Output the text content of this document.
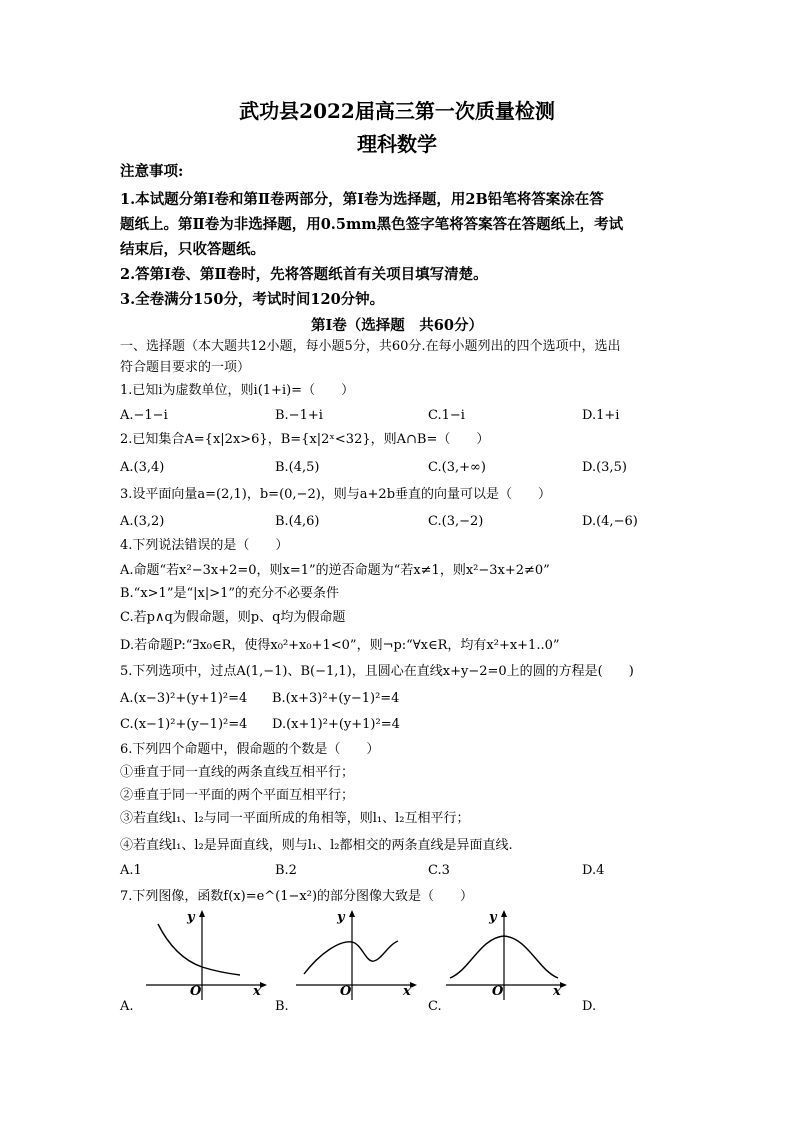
武功县2022届高三第一次质量检测
理科数学
注意事项:
1.本试题分第Ⅰ卷和第Ⅱ卷两部分，第Ⅰ卷为选择题，用2B铅笔将答案涂在答
题纸上。第Ⅱ卷为非选择题，用0.5mm黑色签字笔将答案答在答题纸上，考试
结束后，只收答题纸。
2.答第Ⅰ卷、第Ⅱ卷时，先将答题纸首有关项目填写清楚。
3.全卷满分150分，考试时间120分钟。
第Ⅰ卷（选择题　共60分）
一、选择题（本大题共12小题，每小题5分，共60分.在每小题列出的四个选项中，选出
符合题目要求的一项）
1.已知i为虚数单位，则i(1+i)=（　　）
A.−1−i	B.−1+i	C.1−i	D.1+i
2.已知集合A={x|2x>6}，B={x|2ˣ<32}，则A∩B=（　　）
A.(3,4)	B.(4,5)	C.(3,+∞)	D.(3,5)
3.设平面向量a=(2,1)，b=(0,−2)，则与a+2b垂直的向量可以是（　　）
A.(3,2)	B.(4,6)	C.(3,−2)	D.(4,−6)
4.下列说法错误的是（　　）
A.命题“若x²−3x+2=0，则x=1”的逆否命题为“若x≠1，则x²−3x+2≠0”
B.“x>1”是“|x|>1”的充分不必要条件
C.若p∧q为假命题，则p、q均为假命题
D.若命题P:“∃x₀∈R，使得x₀²+x₀+1<0”，则¬p:“∀x∈R，均有x²+x+1..0”
5.下列选项中，过点A(1,−1)、B(−1,1)，且圆心在直线x+y−2=0上的圆的方程是(　　)
A.(x−3)²+(y+1)²=4 B.(x+3)²+(y−1)²=4
C.(x−1)²+(y−1)²=4 D.(x+1)²+(y+1)²=4
6.下列四个命题中，假命题的个数是（　　）
①垂直于同一直线的两条直线互相平行；
②垂直于同一平面的两个平面互相平行；
③若直线l₁、l₂与同一平面所成的角相等，则l₁、l₂互相平行；
④若直线l₁、l₂是异面直线，则与l₁、l₂都相交的两条直线是异面直线.
A.1	B.2	C.3	D.4
7.下列图像，函数f(x)=e^(1−x²)的部分图像大致是（　　）
y
O	x
A.
y
O	x
B.
y
O	x
C.	D.
